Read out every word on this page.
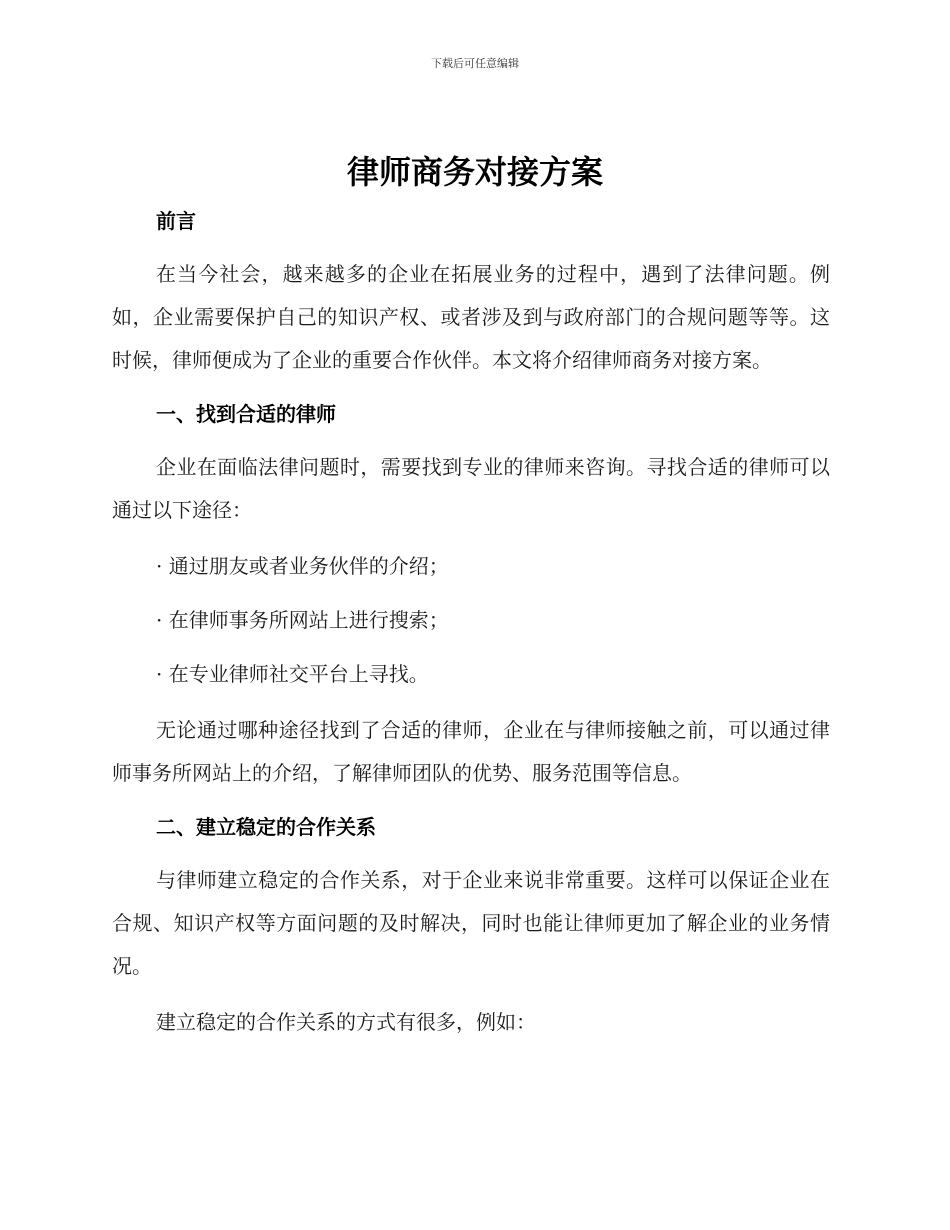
下载后可任意编辑
律师商务对接方案

前言

在当今社会，越来越多的企业在拓展业务的过程中，遇到了法律问题。例如，企业需要保护自己的知识产权、或者涉及到与政府部门的合规问题等等。这时候，律师便成为了企业的重要合作伙伴。本文将介绍律师商务对接方案。

一、找到合适的律师

企业在面临法律问题时，需要找到专业的律师来咨询。寻找合适的律师可以通过以下途径：

· 通过朋友或者业务伙伴的介绍；

· 在律师事务所网站上进行搜索；

· 在专业律师社交平台上寻找。

无论通过哪种途径找到了合适的律师，企业在与律师接触之前，可以通过律师事务所网站上的介绍，了解律师团队的优势、服务范围等信息。

二、建立稳定的合作关系

与律师建立稳定的合作关系，对于企业来说非常重要。这样可以保证企业在合规、知识产权等方面问题的及时解决，同时也能让律师更加了解企业的业务情况。

建立稳定的合作关系的方式有很多，例如：
